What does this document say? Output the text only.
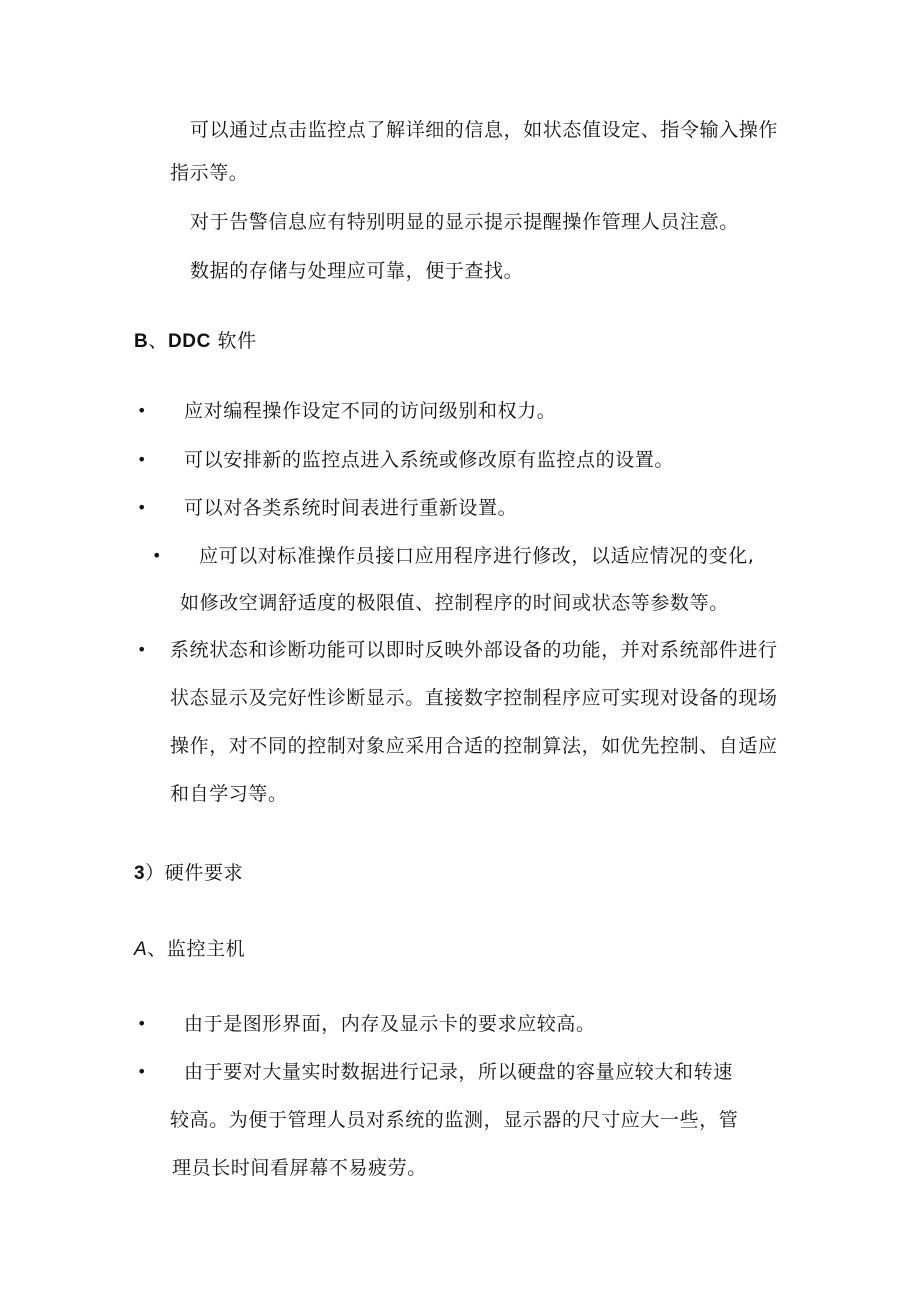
可以通过点击监控点了解详细的信息，如状态值设定、指令输入操作
指示等。
对于告警信息应有特别明显的显示提示提醒操作管理人员注意。
数据的存储与处理应可靠，便于查找。
B、DDC 软件
• 应对编程操作设定不同的访问级别和权力。
• 可以安排新的监控点进入系统或修改原有监控点的设置。
• 可以对各类系统时间表进行重新设置。
• 应可以对标准操作员接口应用程序进行修改，以适应情况的变化,
如修改空调舒适度的极限值、控制程序的时间或状态等参数等。
• 系统状态和诊断功能可以即时反映外部设备的功能，并对系统部件进行
状态显示及完好性诊断显示。直接数字控制程序应可实现对设备的现场
操作，对不同的控制对象应采用合适的控制算法，如优先控制、自适应
和自学习等。
3）硬件要求
A、监控主机
• 由于是图形界面，内存及显示卡的要求应较高。
• 由于要对大量实时数据进行记录，所以硬盘的容量应较大和转速
较高。为便于管理人员对系统的监测，显示器的尺寸应大一些，管
理员长时间看屏幕不易疲劳。
